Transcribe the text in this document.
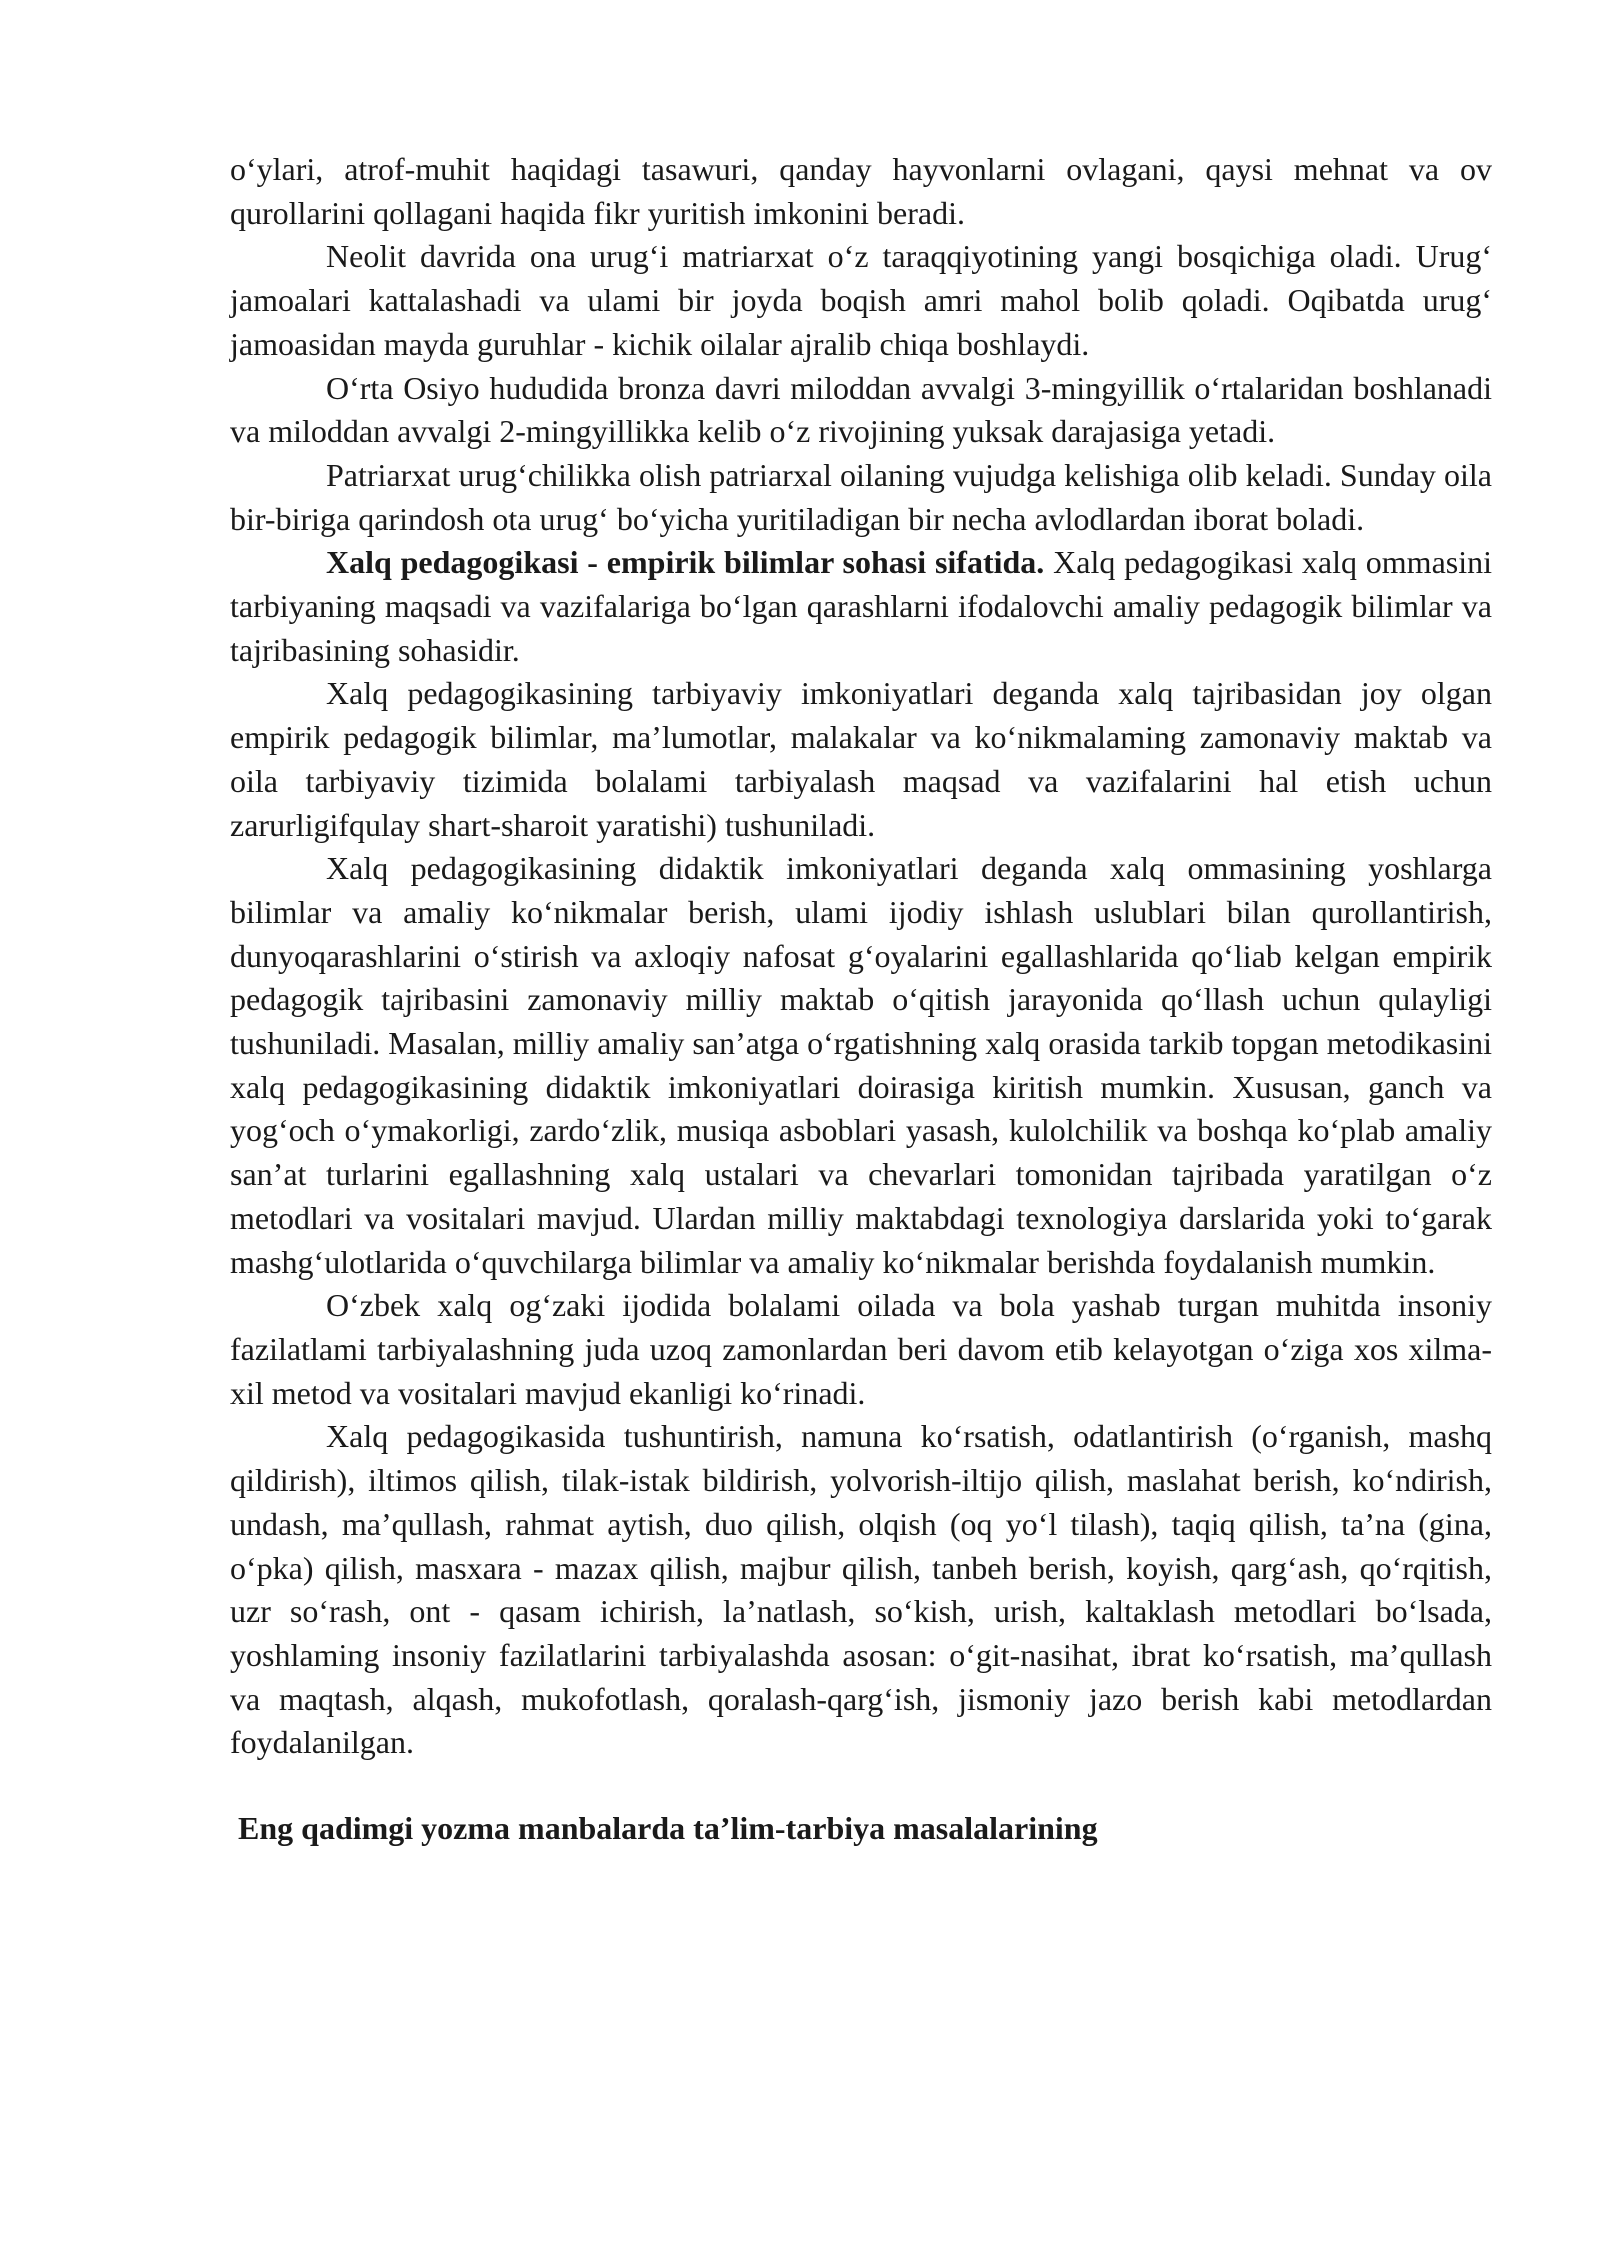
o‘ylari, atrof-muhit haqidagi tasawuri, qanday hayvonlarni ovlagani, qaysi mehnat va ov qurollarini qollagani haqida fikr yuritish imkonini beradi.

Neolit davrida ona urug‘i matriarxat o‘z taraqqiyotining yangi bosqichiga oladi. Urug‘ jamoalari kattalashadi va ulami bir joyda boqish amri mahol bolib qoladi. Oqibatda urug‘ jamoasidan mayda guruhlar - kichik oilalar ajralib chiqa boshlaydi.

O‘rta Osiyo hududida bronza davri miloddan avvalgi 3-mingyillik o‘rtalaridan boshlanadi va miloddan avvalgi 2-mingyillikka kelib o‘z rivojining yuksak darajasiga yetadi.

Patriarxat urug‘chilikka olish patriarxal oilaning vujudga kelishiga olib keladi. Sunday oila bir-biriga qarindosh ota urug‘ bo‘yicha yuritiladigan bir necha avlodlardan iborat boladi.

Xalq pedagogikasi - empirik bilimlar sohasi sifatida. Xalq pedagogikasi xalq ommasini tarbiyaning maqsadi va vazifalariga bo‘lgan qarashlarni ifodalovchi amaliy pedagogik bilimlar va tajribasining sohasidir.

Xalq pedagogikasining tarbiyaviy imkoniyatlari deganda xalq tajribasidan joy olgan empirik pedagogik bilimlar, ma’lumotlar, malakalar va ko‘nikmalaming zamonaviy maktab va oila tarbiyaviy tizimida bolalami tarbiyalash maqsad va vazifalarini hal etish uchun zarurligifqulay shart-sharoit yaratishi) tushuniladi.

Xalq pedagogikasining didaktik imkoniyatlari deganda xalq ommasining yoshlarga bilimlar va amaliy ko‘nikmalar berish, ulami ijodiy ishlash uslublari bilan qurollantirish, dunyoqarashlarini o‘stirish va axloqiy nafosat g‘oyalarini egallashlarida qo‘liab kelgan empirik pedagogik tajribasini zamonaviy milliy maktab o‘qitish jarayonida qo‘llash uchun qulayligi tushuniladi. Masalan, milliy amaliy san’atga o‘rgatishning xalq orasida tarkib topgan metodikasini xalq pedagogikasining didaktik imkoniyatlari doirasiga kiritish mumkin. Xususan, ganch va yog‘och o‘ymakorligi, zardo‘zlik, musiqa asboblari yasash, kulolchilik va boshqa ko‘plab amaliy san’at turlarini egallashning xalq ustalari va chevarlari tomonidan tajribada yaratilgan o‘z metodlari va vositalari mavjud. Ulardan milliy maktabdagi texnologiya darslarida yoki to‘garak mashg‘ulotlarida o‘quvchilarga bilimlar va amaliy ko‘nikmalar berishda foydalanish mumkin.

O‘zbek xalq og‘zaki ijodida bolalami oilada va bola yashab turgan muhitda insoniy fazilatlami tarbiyalashning juda uzoq zamonlardan beri davom etib kelayotgan o‘ziga xos xilma-xil metod va vositalari mavjud ekanligi ko‘rinadi.

Xalq pedagogikasida tushuntirish, namuna ko‘rsatish, odatlantirish (o‘rganish, mashq qildirish), iltimos qilish, tilak-istak bildirish, yolvorish-iltijo qilish, maslahat berish, ko‘ndirish, undash, ma’qullash, rahmat aytish, duo qilish, olqish (oq yo‘l tilash), taqiq qilish, ta’na (gina, o‘pka) qilish, masxara - mazax qilish, majbur qilish, tanbeh berish, koyish, qarg‘ash, qo‘rqitish, uzr so‘rash, ont - qasam ichirish, la’natlash, so‘kish, urish, kaltaklash metodlari bo‘lsada, yoshlaming insoniy fazilatlarini tarbiyalashda asosan: o‘git-nasihat, ibrat ko‘rsatish, ma’qullash va maqtash, alqash, mukofotlash, qoralash-qarg‘ish, jismoniy jazo berish kabi metodlardan foydalanilgan.

Eng qadimgi yozma manbalarda ta’lim-tarbiya masalalarining
